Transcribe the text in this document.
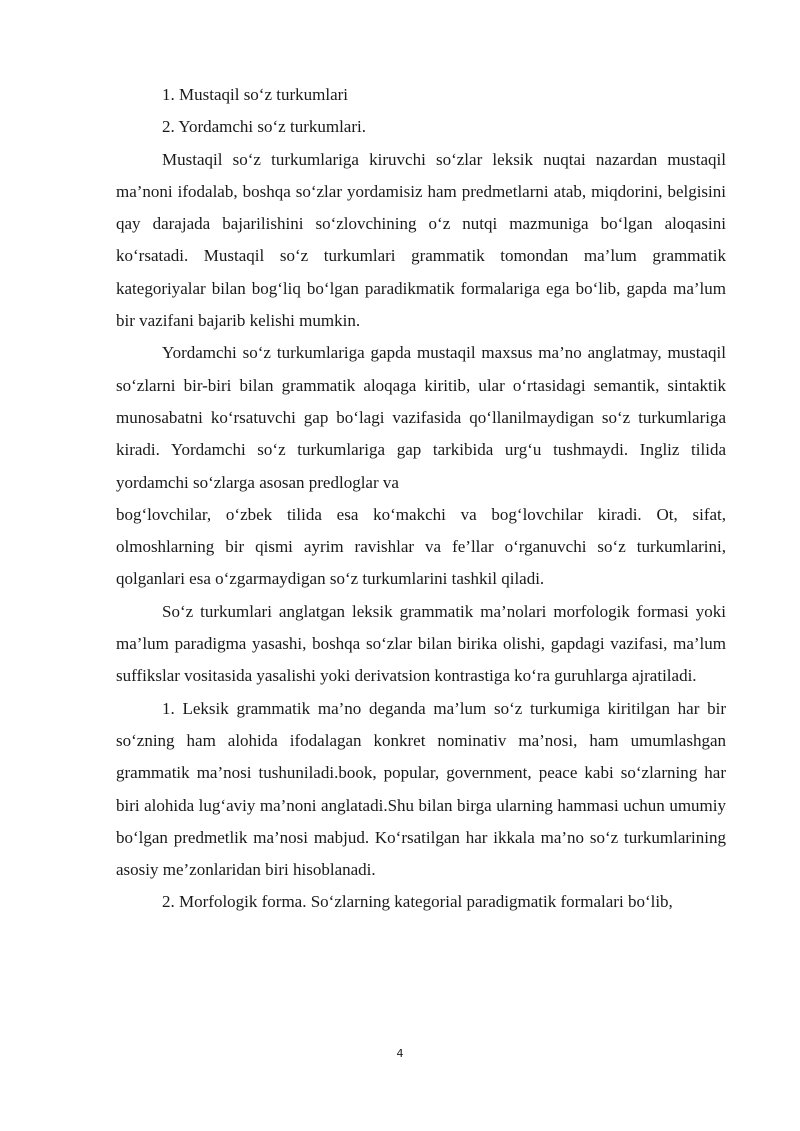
1. Mustaqil so‘z turkumlari

2. Yordamchi so‘z turkumlari.

Mustaqil so‘z turkumlariga kiruvchi so‘zlar leksik nuqtai nazardan mustaqil ma’noni ifodalab, boshqa so‘zlar yordamisiz ham predmetlarni atab, miqdorini, belgisini qay darajada bajarilishini so‘zlovchining o‘z nutqi mazmuniga bo‘lgan aloqasini ko‘rsatadi. Mustaqil so‘z turkumlari grammatik tomondan ma’lum grammatik kategoriyalar bilan bog‘liq bo‘lgan paradikmatik formalariga ega bo‘lib, gapda ma’lum bir vazifani bajarib kelishi mumkin.

Yordamchi so‘z turkumlariga gapda mustaqil maxsus ma’no anglatmay, mustaqil so‘zlarni bir-biri bilan grammatik aloqaga kiritib, ular o‘rtasidagi semantik, sintaktik munosabatni ko‘rsatuvchi gap bo‘lagi vazifasida qo‘llanilmaydigan so‘z turkumlariga kiradi. Yordamchi so‘z turkumlariga gap tarkibida urg‘u tushmaydi. Ingliz tilida yordamchi so‘zlarga asosan predloglar va

bog‘lovchilar, o‘zbek tilida esa ko‘makchi va bog‘lovchilar kiradi. Ot, sifat, olmoshlarning bir qismi ayrim ravishlar va fe’llar o‘rganuvchi so‘z turkumlarini, qolganlari esa o‘zgarmaydigan so‘z turkumlarini tashkil qiladi.

So‘z turkumlari anglatgan leksik grammatik ma’nolari morfologik formasi yoki ma’lum paradigma yasashi, boshqa so‘zlar bilan birika olishi, gapdagi vazifasi, ma’lum suffikslar vositasida yasalishi yoki derivatsion kontrastiga ko‘ra guruhlarga ajratiladi.

1. Leksik grammatik ma’no deganda ma’lum so‘z turkumiga kiritilgan har bir so‘zning ham alohida ifodalagan konkret nominativ ma’nosi, ham umumlashgan grammatik ma’nosi tushuniladi.book, popular, government, peace kabi so‘zlarning har biri alohida lug‘aviy ma’noni anglatadi.Shu bilan birga ularning hammasi uchun umumiy bo‘lgan predmetlik ma’nosi mabjud. Ko‘rsatilgan har ikkala ma’no so‘z turkumlarining asosiy me’zonlaridan biri hisoblanadi.

2. Morfologik forma. So‘zlarning kategorial paradigmatik formalari bo‘lib,

4
